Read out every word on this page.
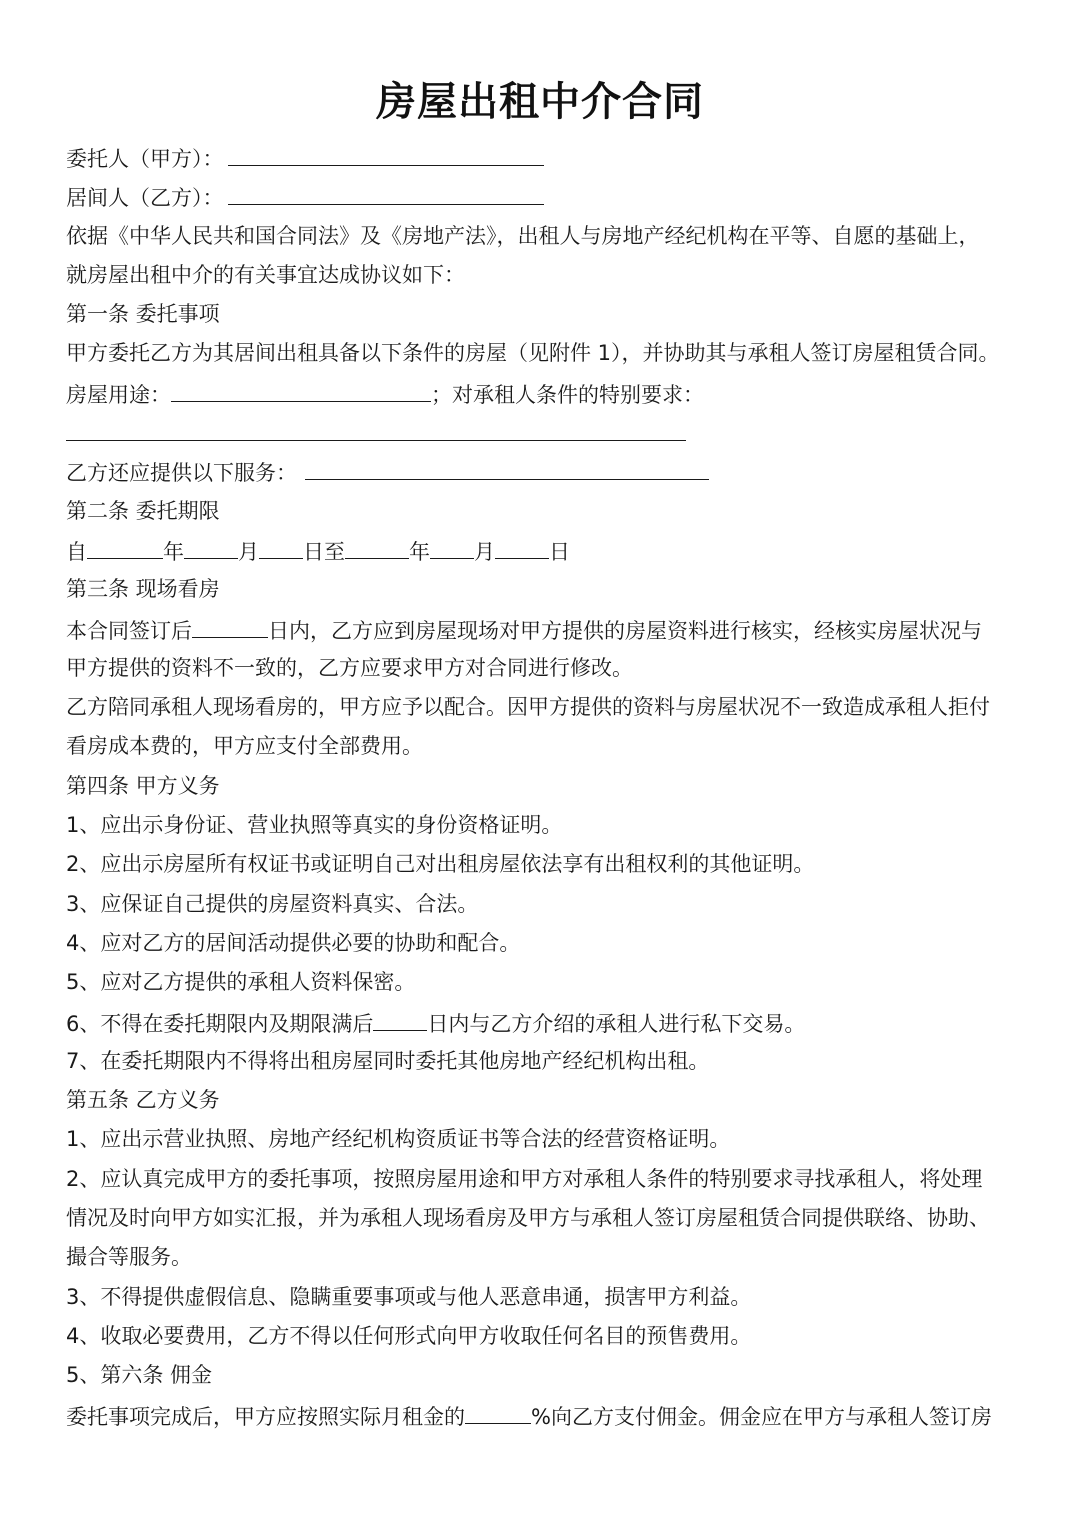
房屋出租中介合同
委托人（甲方）：
居间人（乙方）：
依据《中华人民共和国合同法》及《房地产法》，出租人与房地产经纪机构在平等、自愿的基础上，
就房屋出租中介的有关事宜达成协议如下：
第一条 委托事项
甲方委托乙方为其居间出租具备以下条件的房屋（见附件 1），并协助其与承租人签订房屋租赁合同。
房屋用途：	；对承租人条件的特别要求：
乙方还应提供以下服务：
第二条 委托期限
自	年	月 日至	年 月	日
第三条 现场看房
本合同签订后	日内，乙方应到房屋现场对甲方提供的房屋资料进行核实，经核实房屋状况与
甲方提供的资料不一致的，乙方应要求甲方对合同进行修改。
乙方陪同承租人现场看房的，甲方应予以配合。因甲方提供的资料与房屋状况不一致造成承租人拒付
看房成本费的，甲方应支付全部费用。
第四条 甲方义务
1、应出示身份证、营业执照等真实的身份资格证明。
2、应出示房屋所有权证书或证明自己对出租房屋依法享有出租权利的其他证明。
3、应保证自己提供的房屋资料真实、合法。
4、应对乙方的居间活动提供必要的协助和配合。
5、应对乙方提供的承租人资料保密。
6、不得在委托期限内及期限满后	日内与乙方介绍的承租人进行私下交易。
7、在委托期限内不得将出租房屋同时委托其他房地产经纪机构出租。
第五条 乙方义务
1、应出示营业执照、房地产经纪机构资质证书等合法的经营资格证明。
2、应认真完成甲方的委托事项，按照房屋用途和甲方对承租人条件的特别要求寻找承租人，将处理
情况及时向甲方如实汇报，并为承租人现场看房及甲方与承租人签订房屋租赁合同提供联络、协助、
撮合等服务。
3、不得提供虚假信息、隐瞒重要事项或与他人恶意串通，损害甲方利益。
4、收取必要费用，乙方不得以任何形式向甲方收取任何名目的预售费用。
5、第六条 佣金
委托事项完成后，甲方应按照实际月租金的	%向乙方支付佣金。佣金应在甲方与承租人签订房
